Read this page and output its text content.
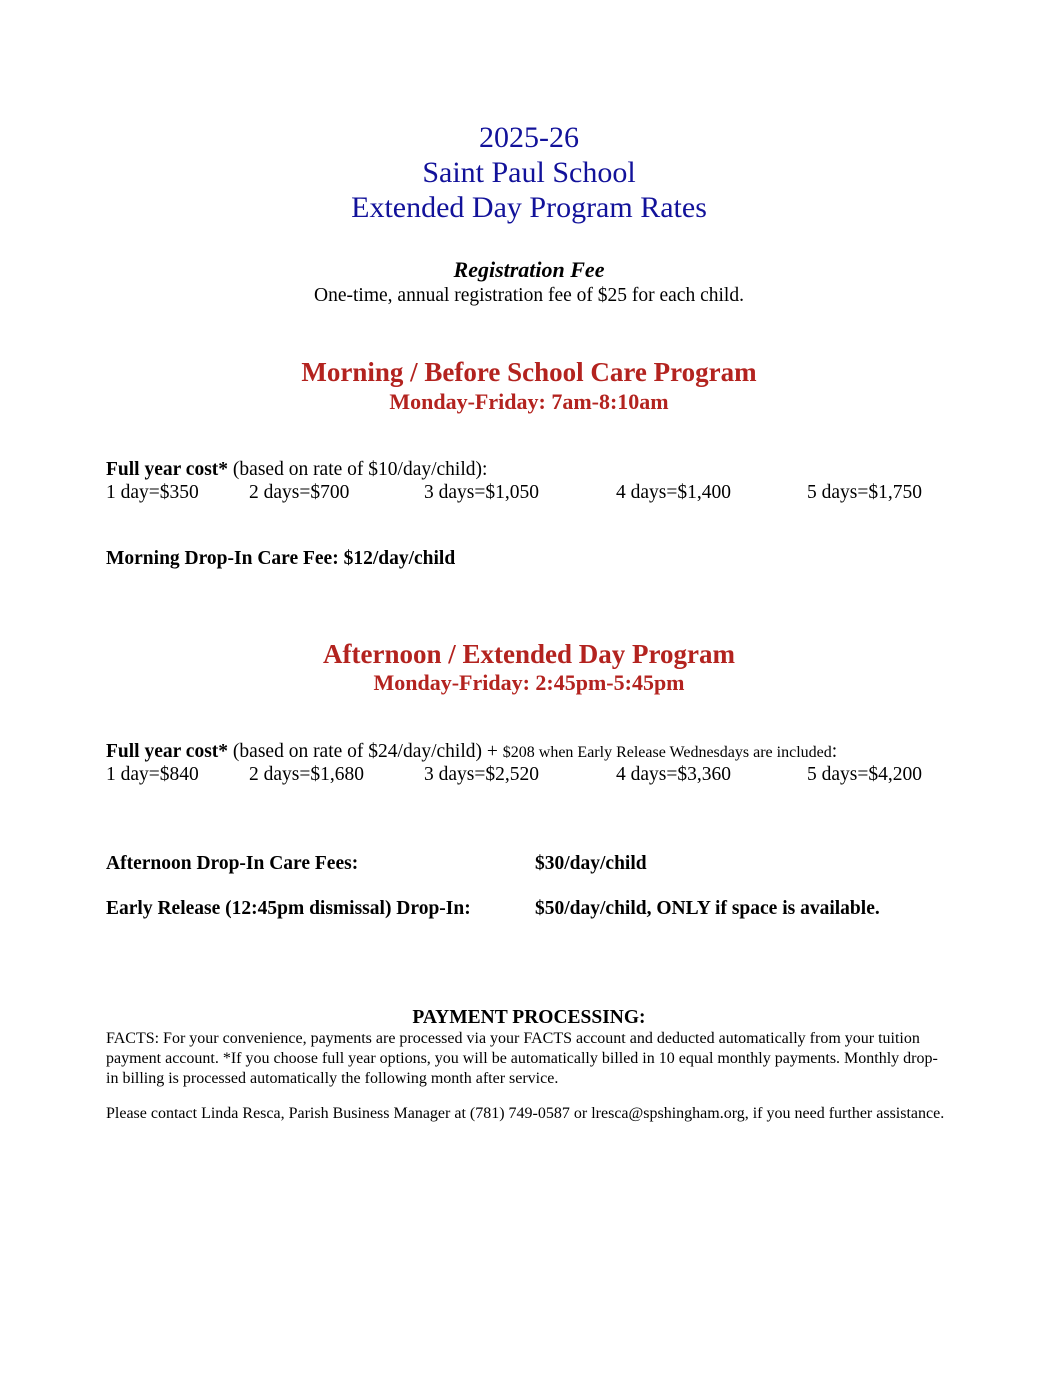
2025-26
Saint Paul School
Extended Day Program Rates
Registration Fee
One-time, annual registration fee of $25 for each child.
Morning / Before School Care Program
Monday-Friday: 7am-8:10am
Full year cost* (based on rate of $10/day/child):
1 day=$350	2 days=$700	3 days=$1,050	4 days=$1,400	5 days=$1,750
Morning Drop-In Care Fee: $12/day/child
Afternoon / Extended Day Program
Monday-Friday: 2:45pm-5:45pm
Full year cost* (based on rate of $24/day/child) + $208 when Early Release Wednesdays are included:
1 day=$840	2 days=$1,680	3 days=$2,520	4 days=$3,360	5 days=$4,200
Afternoon Drop-In Care Fees:	$30/day/child
Early Release (12:45pm dismissal) Drop-In:	$50/day/child, ONLY if space is available.
PAYMENT PROCESSING:
FACTS: For your convenience, payments are processed via your FACTS account and deducted automatically from your tuition payment account. *If you choose full year options, you will be automatically billed in 10 equal monthly payments. Monthly drop-in billing is processed automatically the following month after service.
Please contact Linda Resca, Parish Business Manager at (781) 749-0587 or lresca@spshingham.org, if you need further assistance.
